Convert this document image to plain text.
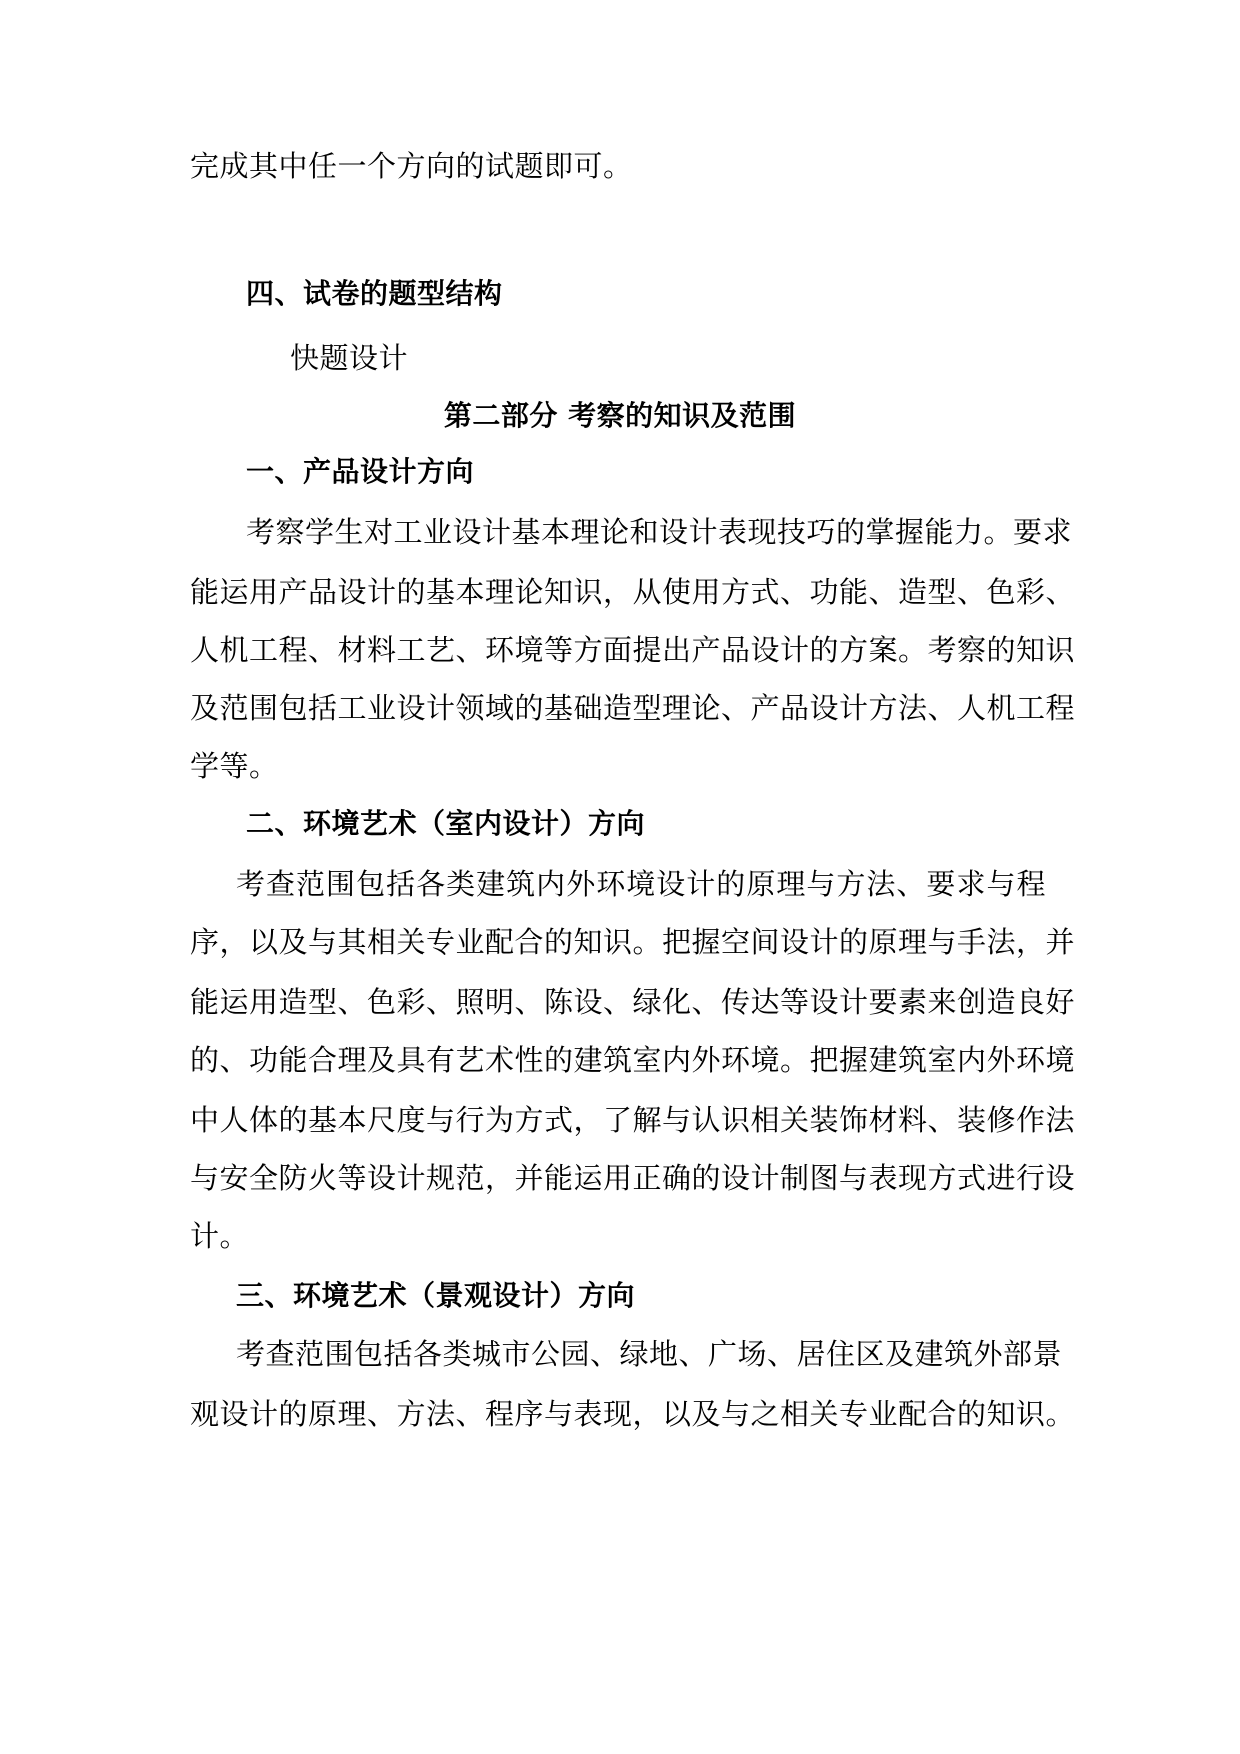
完成其中任一个方向的试题即可。
四、试卷的题型结构
快题设计
第二部分 考察的知识及范围
一、产品设计方向
考察学生对工业设计基本理论和设计表现技巧的掌握能力。要求
能运用产品设计的基本理论知识，从使用方式、功能、造型、色彩、
人机工程、材料工艺、环境等方面提出产品设计的方案。考察的知识
及范围包括工业设计领域的基础造型理论、产品设计方法、人机工程
学等。
二、环境艺术（室内设计）方向
考查范围包括各类建筑内外环境设计的原理与方法、要求与程
序，以及与其相关专业配合的知识。把握空间设计的原理与手法，并
能运用造型、色彩、照明、陈设、绿化、传达等设计要素来创造良好
的、功能合理及具有艺术性的建筑室内外环境。把握建筑室内外环境
中人体的基本尺度与行为方式，了解与认识相关装饰材料、装修作法
与安全防火等设计规范，并能运用正确的设计制图与表现方式进行设
计。
三、环境艺术（景观设计）方向
考查范围包括各类城市公园、绿地、广场、居住区及建筑外部景
观设计的原理、方法、程序与表现，以及与之相关专业配合的知识。
